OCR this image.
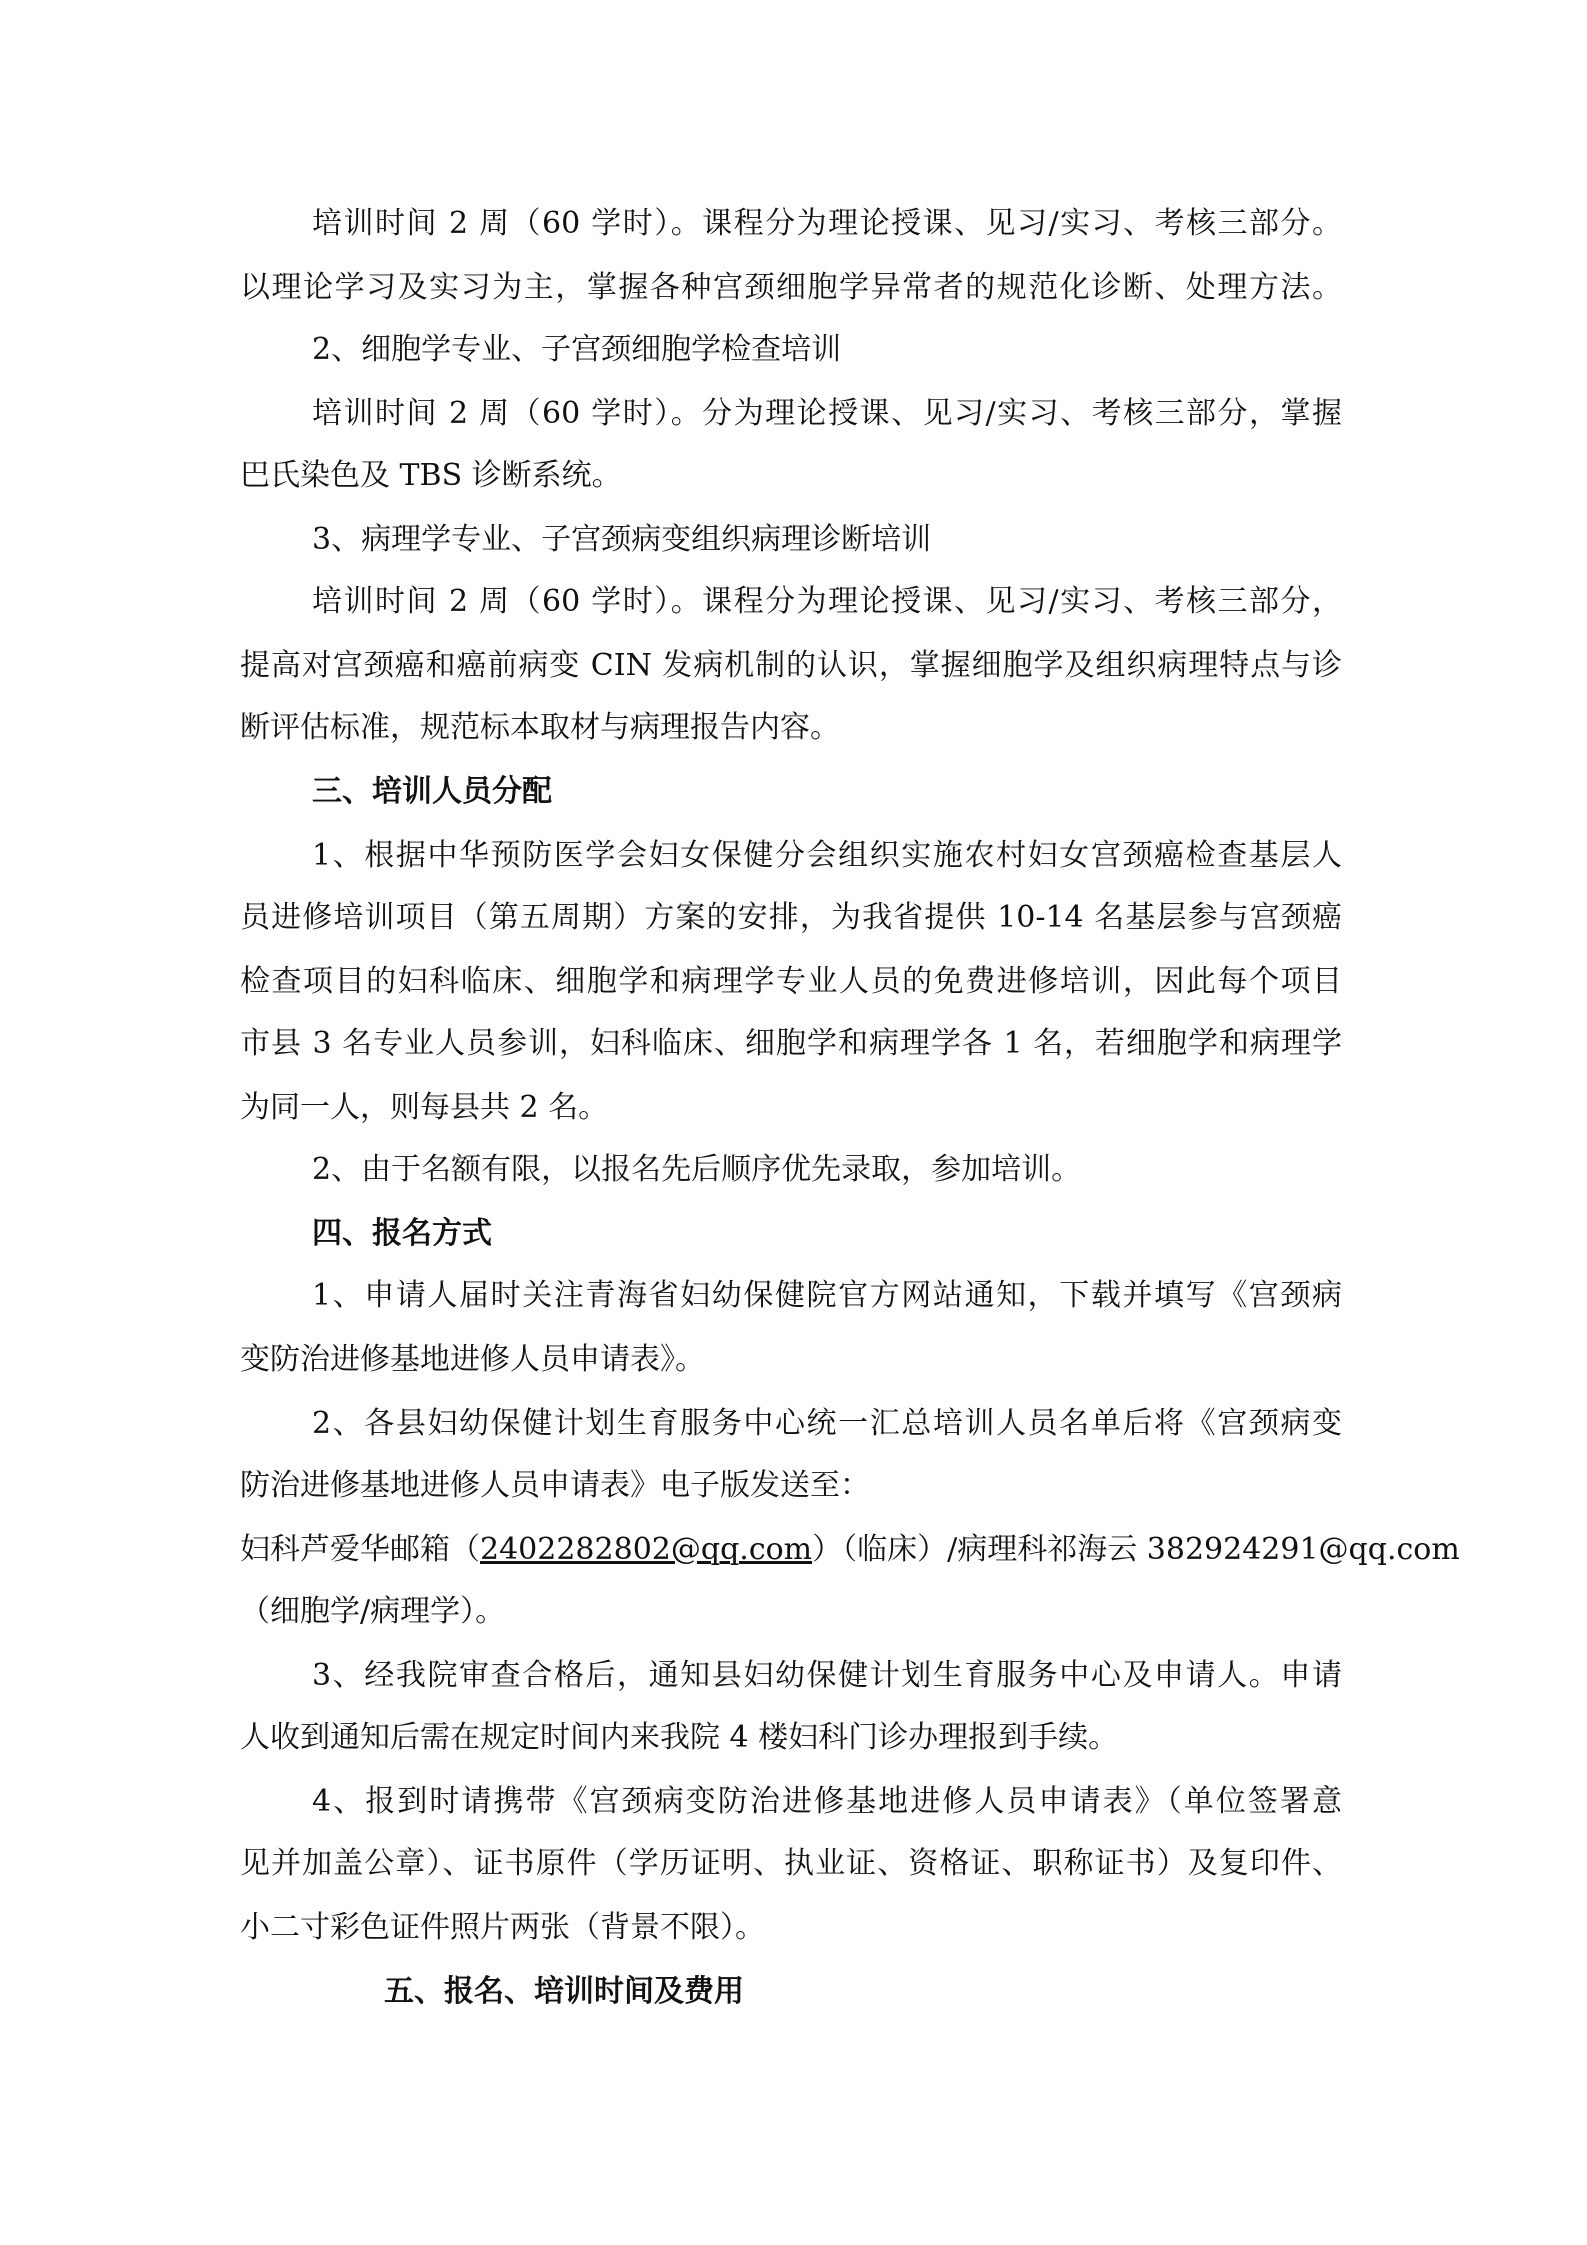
培训时间 2 周（60 学时）。课程分为理论授课、见习/实习、考核三部分。
以理论学习及实习为主，掌握各种宫颈细胞学异常者的规范化诊断、处理方法。
2、细胞学专业、子宫颈细胞学检查培训
培训时间 2 周（60 学时）。分为理论授课、见习/实习、考核三部分，掌握
巴氏染色及 TBS 诊断系统。
3、病理学专业、子宫颈病变组织病理诊断培训
培训时间 2 周（60 学时）。课程分为理论授课、见习/实习、考核三部分，
提高对宫颈癌和癌前病变 CIN 发病机制的认识，掌握细胞学及组织病理特点与诊
断评估标准，规范标本取材与病理报告内容。
三、培训人员分配
1、根据中华预防医学会妇女保健分会组织实施农村妇女宫颈癌检查基层人
员进修培训项目（第五周期）方案的安排，为我省提供 10-14 名基层参与宫颈癌
检查项目的妇科临床、细胞学和病理学专业人员的免费进修培训，因此每个项目
市县 3 名专业人员参训，妇科临床、细胞学和病理学各 1 名，若细胞学和病理学
为同一人，则每县共 2 名。
2、由于名额有限，以报名先后顺序优先录取，参加培训。
四、报名方式
1、申请人届时关注青海省妇幼保健院官方网站通知，下载并填写《宫颈病
变防治进修基地进修人员申请表》。
2、各县妇幼保健计划生育服务中心统一汇总培训人员名单后将《宫颈病变
防治进修基地进修人员申请表》电子版发送至：
妇科芦爱华邮箱（2402282802@qq.com）（临床）/病理科祁海云 382924291@qq.com
（细胞学/病理学）。
3、经我院审查合格后，通知县妇幼保健计划生育服务中心及申请人。申请
人收到通知后需在规定时间内来我院 4 楼妇科门诊办理报到手续。
4、报到时请携带《宫颈病变防治进修基地进修人员申请表》（单位签署意
见并加盖公章）、证书原件（学历证明、执业证、资格证、职称证书）及复印件、
小二寸彩色证件照片两张（背景不限）。
五、报名、培训时间及费用
